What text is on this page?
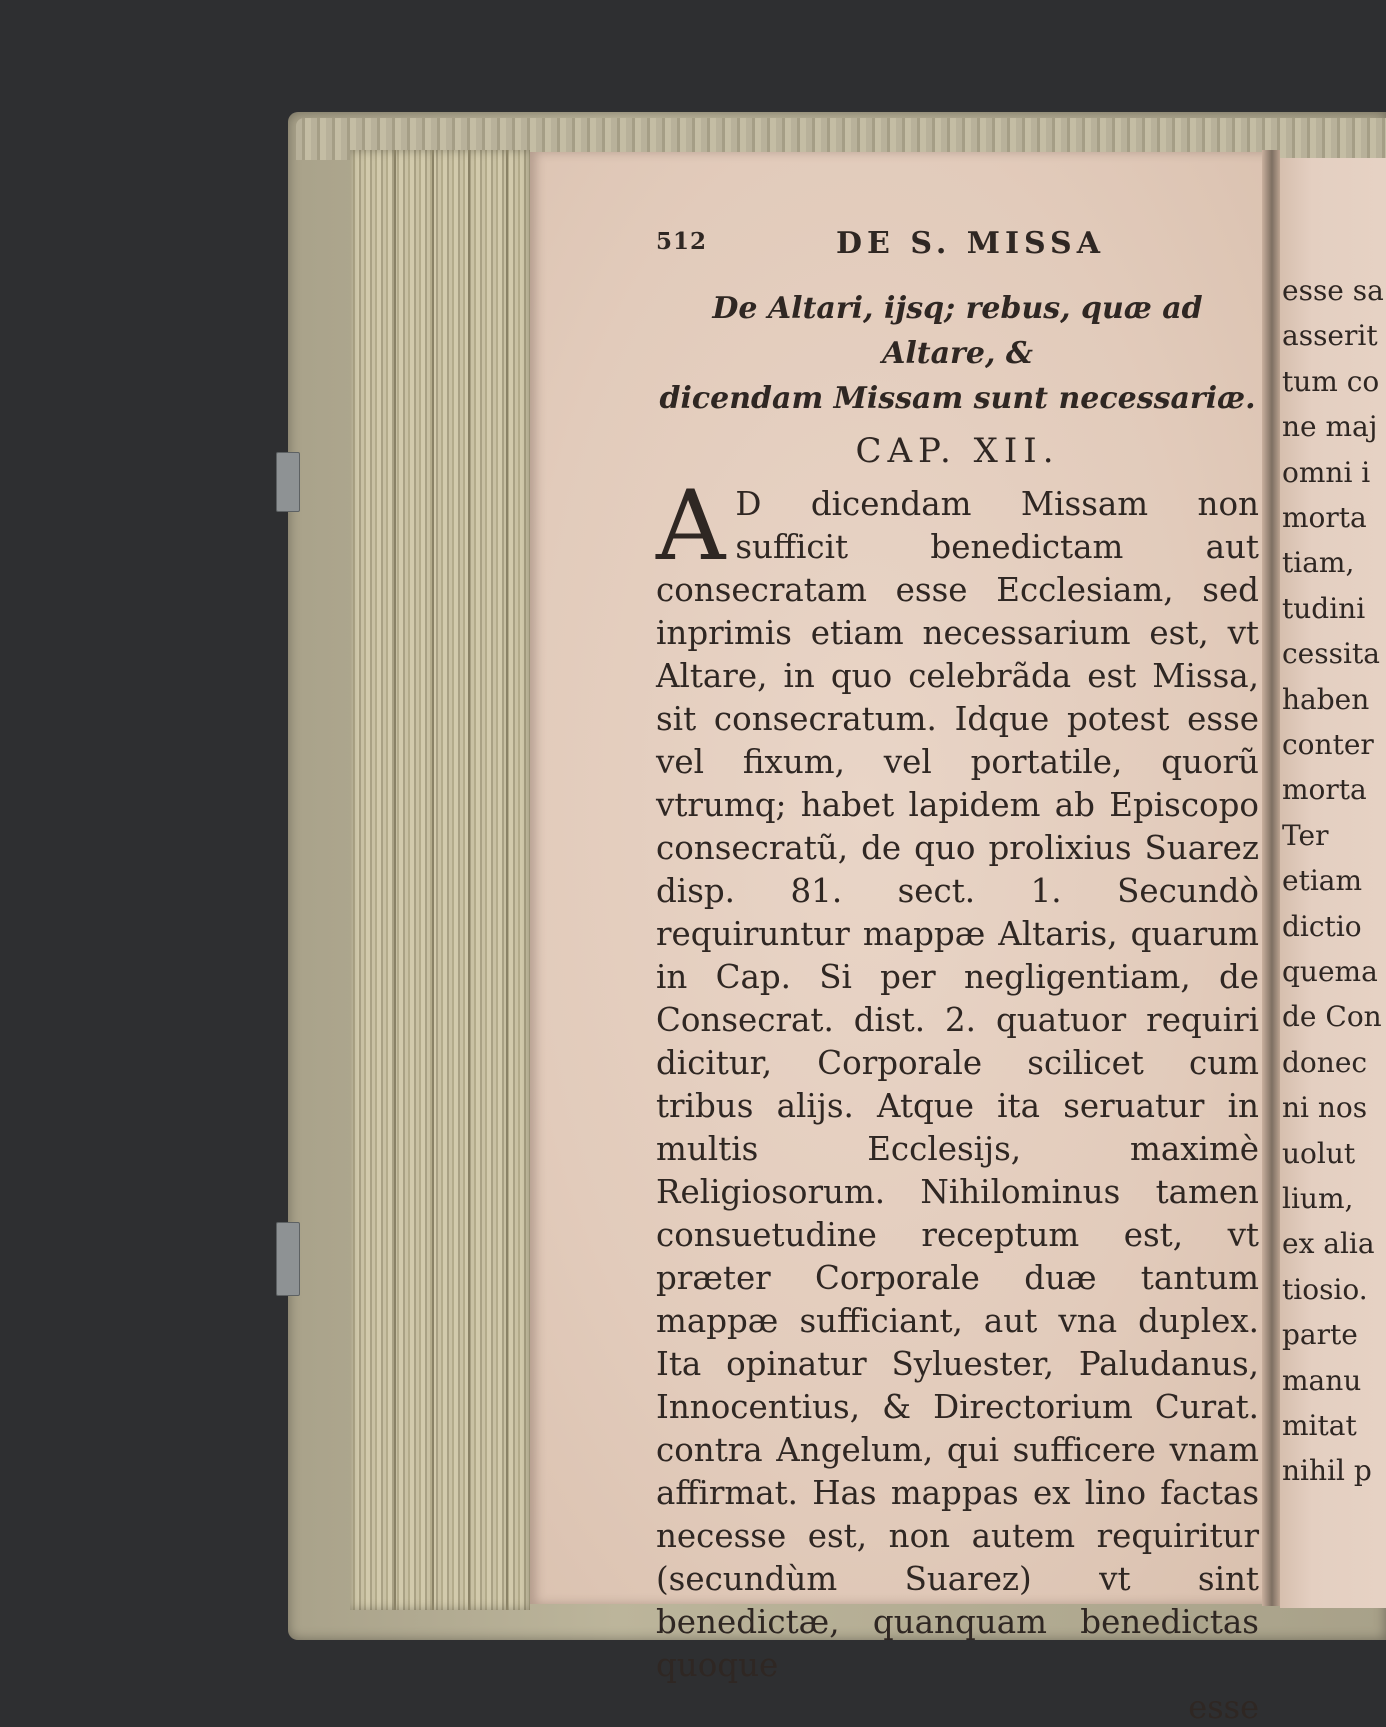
esse sa
asserit
tum co
ne maj
omni i
morta
tiam,
tudini
cessita
haben
conter
morta
Ter
etiam
dictio
quema
de Con
donec
ni nos
uolut
lium,
ex alia
tiosio.
parte
manu
mitat
nihil p
512	DE S. MISSA
De Altari, ijsq; rebus, quæ ad Altare, &
dicendam Missam sunt necessariæ.
CAP. XII.
A D dicendam Missam non sufficit benedictam aut consecratam esse Ecclesiam, sed inprimis etiam necessarium est, vt Altare, in quo celebrãda est Missa, sit consecratum. Idque potest esse vel fixum, vel portatile, quorũ vtrumq; habet lapidem ab Episcopo consecratũ, de quo prolixius Suarez disp. 81. sect. 1. Secundò requiruntur mappæ Altaris, quarum in Cap. Si per negligentiam, de Consecrat. dist. 2. quatuor requiri dicitur, Corporale scilicet cum tribus alijs. Atque ita seruatur in multis Ecclesijs, maximè Religiosorum. Nihilominus tamen consuetudine receptum est, vt præter Corporale duæ tantum mappæ sufficiant, aut vna duplex. Ita opinatur Syluester, Paludanus, Innocentius, & Directorium Curat. contra Angelum, qui sufficere vnam affirmat. Has mappas ex lino factas necesse est, non autem requiritur (secundùm Suarez) vt sint benedictæ, quanquam benedictas quoque
esse
